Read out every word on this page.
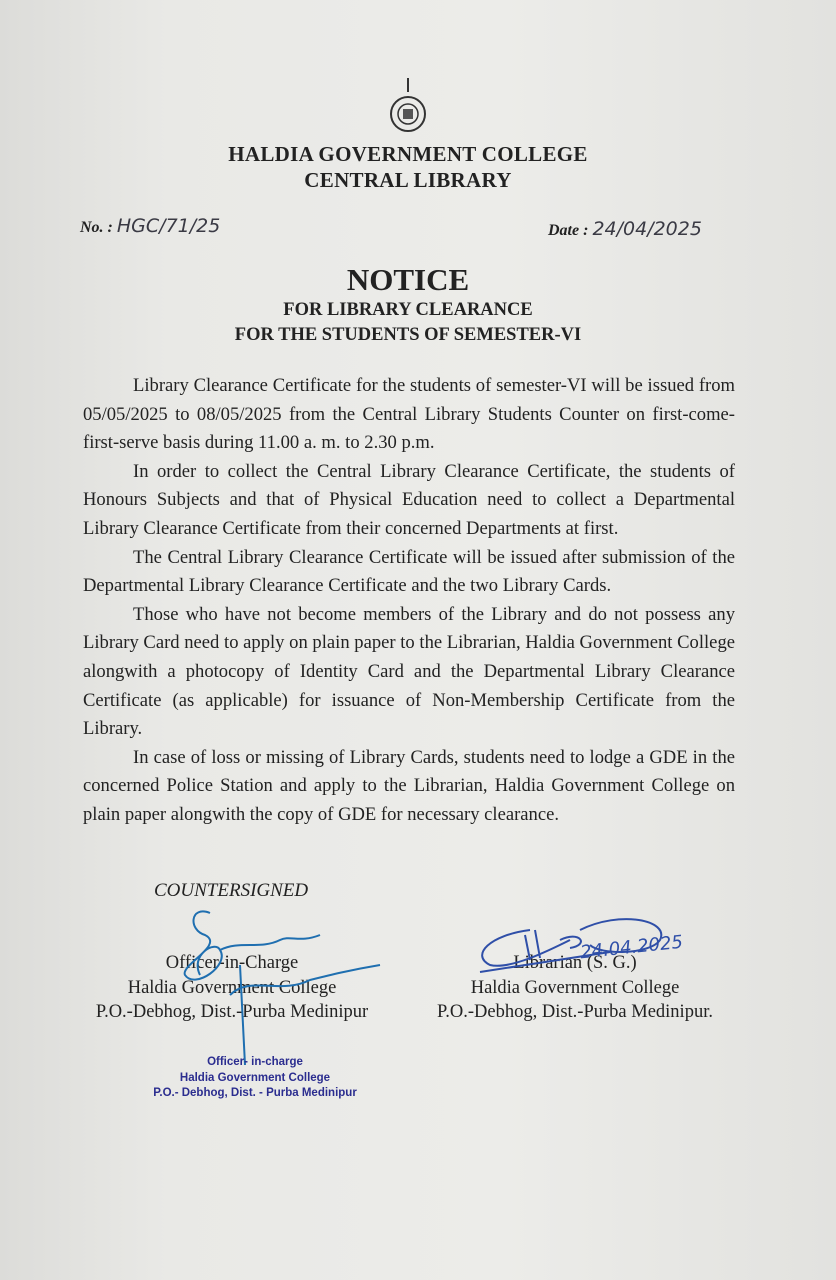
HALDIA GOVERNMENT COLLEGE
CENTRAL LIBRARY
No. : HGC/71/25	Date : 24/04/2025
NOTICE
FOR LIBRARY CLEARANCE
FOR THE STUDENTS OF SEMESTER-VI

Library Clearance Certificate for the students of semester-VI will be issued from 05/05/2025 to 08/05/2025 from the Central Library Students Counter on first-come-first-serve basis during 11.00 a. m. to 2.30 p.m.

In order to collect the Central Library Clearance Certificate, the students of Honours Subjects and that of Physical Education need to collect a Departmental Library Clearance Certificate from their concerned Departments at first.

The Central Library Clearance Certificate will be issued after submission of the Departmental Library Clearance Certificate and the two Library Cards.

Those who have not become members of the Library and do not possess any Library Card need to apply on plain paper to the Librarian, Haldia Government College alongwith a photocopy of Identity Card and the Departmental Library Clearance Certificate (as applicable) for issuance of Non-Membership Certificate from the Library.

In case of loss or missing of Library Cards, students need to lodge a GDE in the concerned Police Station and apply to the Librarian, Haldia Government College on plain paper alongwith the copy of GDE for necessary clearance.

COUNTERSIGNED
Officer-in-Charge
Haldia Government College
P.O.-Debhog, Dist.-Purba Medinipur
Officer- in-charge
Haldia Government College
P.O.- Debhog, Dist. - Purba Medinipur
Librarian (S. G.)
Haldia Government College
P.O.-Debhog, Dist.-Purba Medinipur.
24.04.2025
